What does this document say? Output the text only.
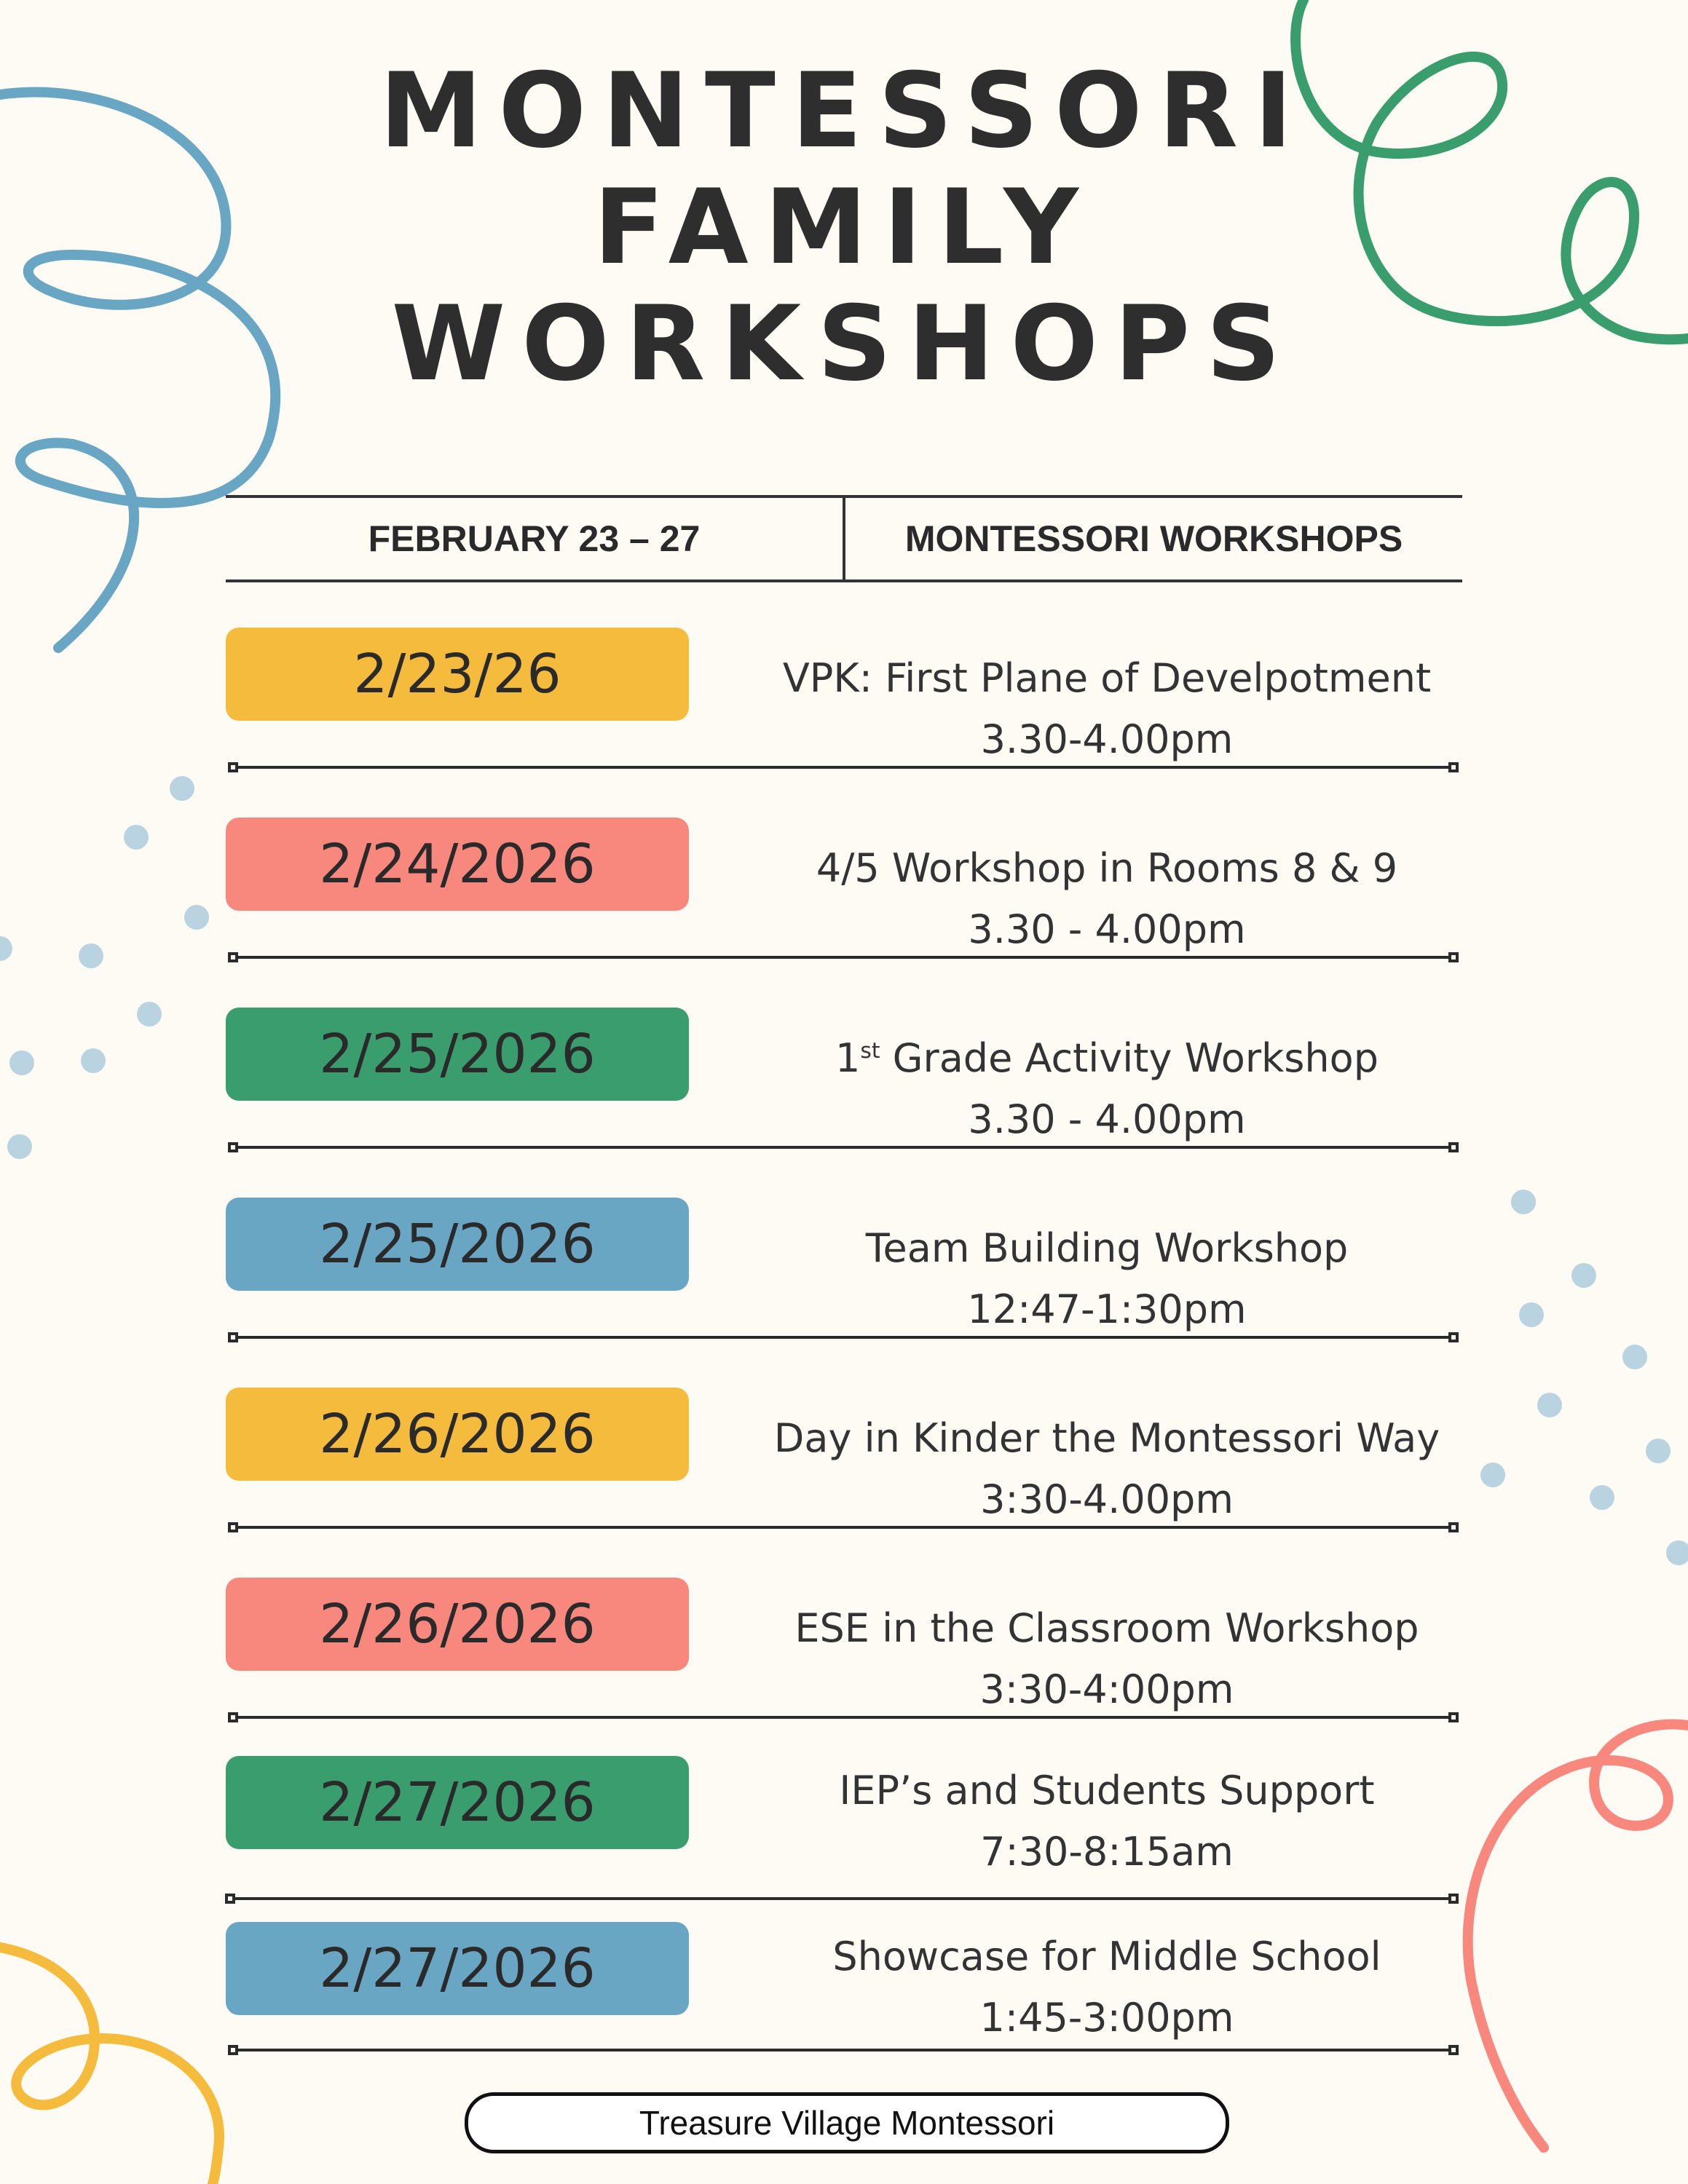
MONTESSORI
FAMILY
WORKSHOPS
FEBRUARY 23 – 27	MONTESSORI WORKSHOPS
2/23/26	VPK: First Plane of Develpotment
3.30-4.00pm
2/24/2026	4/5 Workshop in Rooms 8 & 9
3.30 - 4.00pm
2/25/2026	1st Grade Activity Workshop
3.30 - 4.00pm
2/25/2026	Team Building Workshop
12:47-1:30pm
2/26/2026	Day in Kinder the Montessori Way
3:30-4.00pm
2/26/2026	ESE in the Classroom Workshop
3:30-4:00pm
2/27/2026	IEP’s and Students Support
7:30-8:15am
2/27/2026	Showcase for Middle School
1:45-3:00pm
Treasure Village Montessori
